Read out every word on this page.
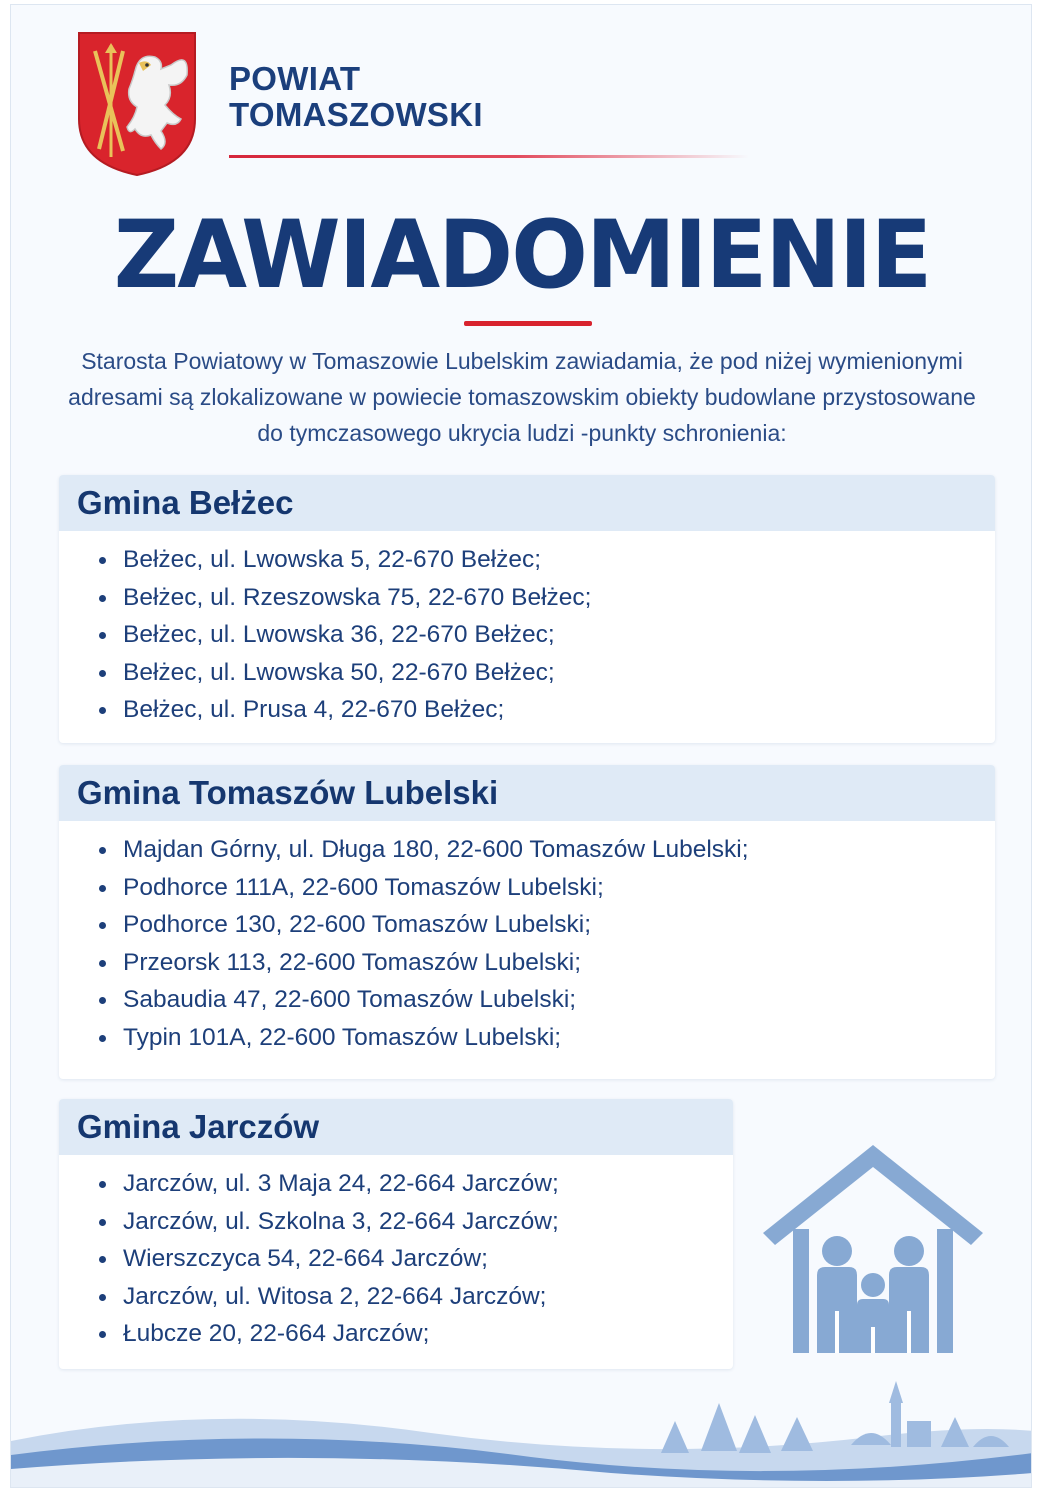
POWIAT
TOMASZOWSKI
ZAWIADOMIENIE

Starosta Powiatowy w Tomaszowie Lubelskim zawiadamia, że pod niżej wymienionymi adresami są zlokalizowane w powiecie tomaszowskim obiekty budowlane przystosowane do tymczasowego ukrycia ludzi -punkty schronienia:

Gmina Bełżec
Bełżec, ul. Lwowska 5, 22-670 Bełżec;
Bełżec, ul. Rzeszowska 75, 22-670 Bełżec;
Bełżec, ul. Lwowska 36, 22-670 Bełżec;
Bełżec, ul. Lwowska 50, 22-670 Bełżec;
Bełżec, ul. Prusa 4, 22-670 Bełżec;
Gmina Tomaszów Lubelski
Majdan Górny, ul. Długa 180, 22-600 Tomaszów Lubelski;
Podhorce 111A, 22-600 Tomaszów Lubelski;
Podhorce 130, 22-600 Tomaszów Lubelski;
Przeorsk 113, 22-600 Tomaszów Lubelski;
Sabaudia 47, 22-600 Tomaszów Lubelski;
Typin 101A, 22-600 Tomaszów Lubelski;
Gmina Jarczów
Jarczów, ul. 3 Maja 24, 22-664 Jarczów;
Jarczów, ul. Szkolna 3, 22-664 Jarczów;
Wierszczyca 54, 22-664 Jarczów;
Jarczów, ul. Witosa 2, 22-664 Jarczów;
Łubcze 20, 22-664 Jarczów;
